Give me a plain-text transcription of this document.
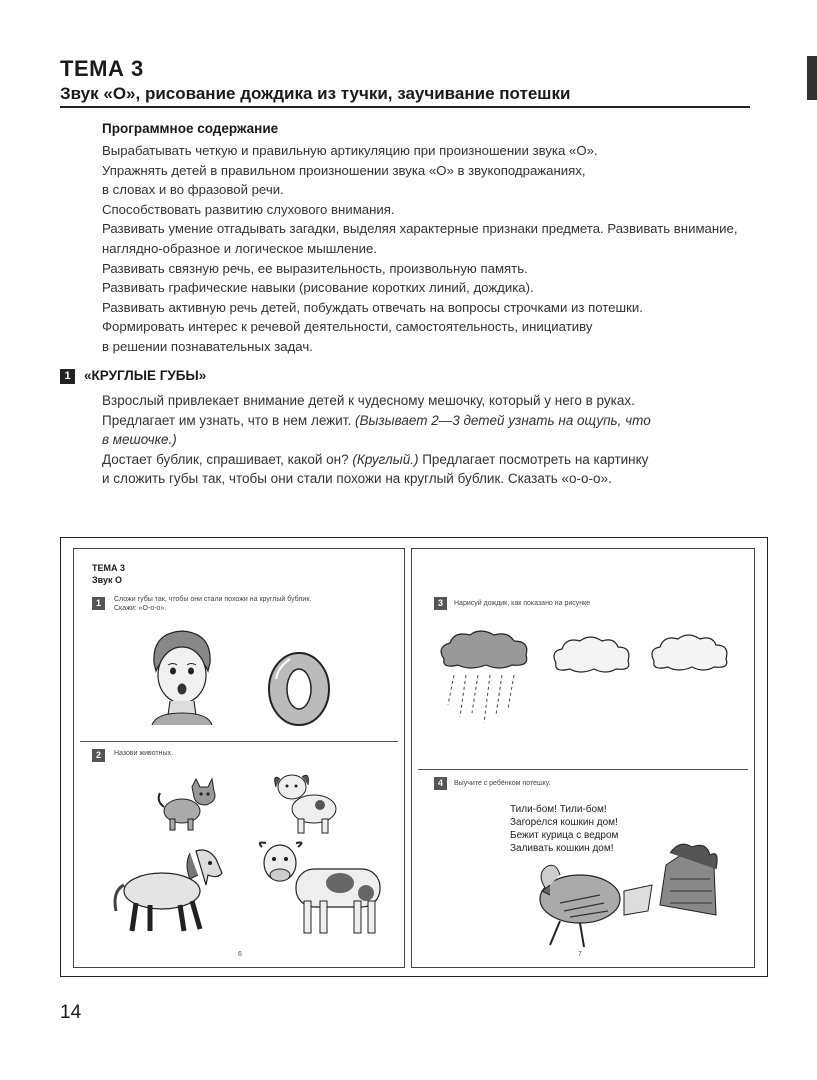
ТЕМА 3
Звук «О», рисование дождика из тучки, заучивание потешки
Программное содержание

Вырабатывать четкую и правильную артикуляцию при произношении звука «О».

Упражнять детей в правильном произношении звука «О» в звукоподражаниях,

в словах и во фразовой речи.

Способствовать развитию слухового внимания.

Развивать умение отгадывать загадки, выделяя характерные признаки предмета. Развивать внимание,

наглядно-образное и логическое мышление.

Развивать связную речь, ее выразительность, произвольную память.

Развивать графические навыки (рисование коротких линий, дождика).

Развивать активную речь детей, побуждать отвечать на вопросы строчками из потешки.

Формировать интерес к речевой деятельности, самостоятельность, инициативу

в решении познавательных задач.

1 «КРУГЛЫЕ ГУБЫ»

Взрослый привлекает внимание детей к чудесному мешочку, который у него в руках.

Предлагает им узнать, что в нем лежит. (Вызывает 2—3 детей узнать на ощупь, что

в мешочке.)

Достает бублик, спрашивает, какой он? (Круглый.) Предлагает посмотреть на картинку

и сложить губы так, чтобы они стали похожи на круглый бублик. Сказать «о-о-о».

ТЕМА 3
Звук О
1	Сложи губы так, чтобы они стали похожи на круглый бублик.
Скажи: «О-о-о».
2	Назови животных.
6
3	Нарисуй дождик, как показано на рисунке
4	Выучите с ребёнком потешку.

Тили-бом! Тили-бом!

Загорелся кошкин дом!

Бежит курица с ведром

Заливать кошкин дом!

7
14
